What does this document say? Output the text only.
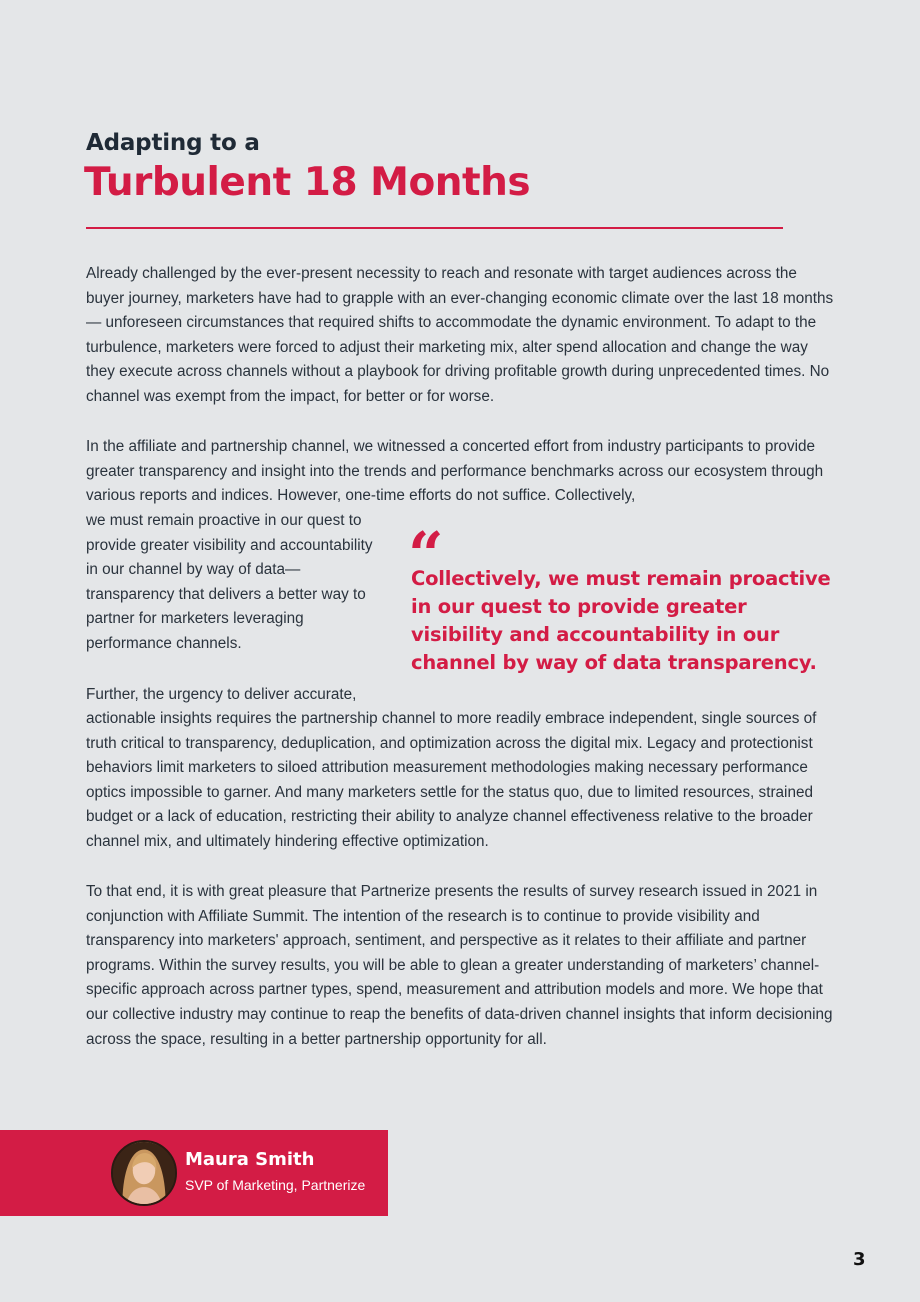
Adapting to a
Turbulent 18 Months

Already challenged by the ever-present necessity to reach and resonate with target audiences across the buyer journey, marketers have had to grapple with an ever-changing economic climate over the last 18 months — unforeseen circumstances that required shifts to accommodate the dynamic environment. To adapt to the turbulence, marketers were forced to adjust their marketing mix, alter spend allocation and change the way they execute across channels without a playbook for driving profitable growth during unprecedented times. No channel was exempt from the impact, for better or for worse.

In the affiliate and partnership channel, we witnessed a concerted effort from industry participants to provide greater transparency and insight into the trends and performance benchmarks across our ecosystem through various reports and indices. However, one-time efforts do not suffice. Collectively,

we must remain proactive in our quest to provide greater visibility and accountability in our channel by way of data—transparency that delivers a better way to partner for marketers leveraging performance channels.

“
Collectively, we must remain proactive in our quest to provide greater visibility and accountability in our channel by way of data transparency.

Further, the urgency to deliver accurate,

actionable insights requires the partnership channel to more readily embrace independent, single sources of truth critical to transparency, deduplication, and optimization across the digital mix. Legacy and protectionist behaviors limit marketers to siloed attribution measurement methodologies making necessary performance optics impossible to garner. And many marketers settle for the status quo, due to limited resources, strained budget or a lack of education, restricting their ability to analyze channel effectiveness relative to the broader channel mix, and ultimately hindering effective optimization.

To that end, it is with great pleasure that Partnerize presents the results of survey research issued in 2021 in conjunction with Affiliate Summit. The intention of the research is to continue to provide visibility and transparency into marketers' approach, sentiment, and perspective as it relates to their affiliate and partner programs. Within the survey results, you will be able to glean a greater understanding of marketers’ channel-specific approach across partner types, spend, measurement and attribution models and more. We hope that our collective industry may continue to reap the benefits of data-driven channel insights that inform decisioning across the space, resulting in a better partnership opportunity for all.

Maura Smith
SVP of Marketing, Partnerize
3
